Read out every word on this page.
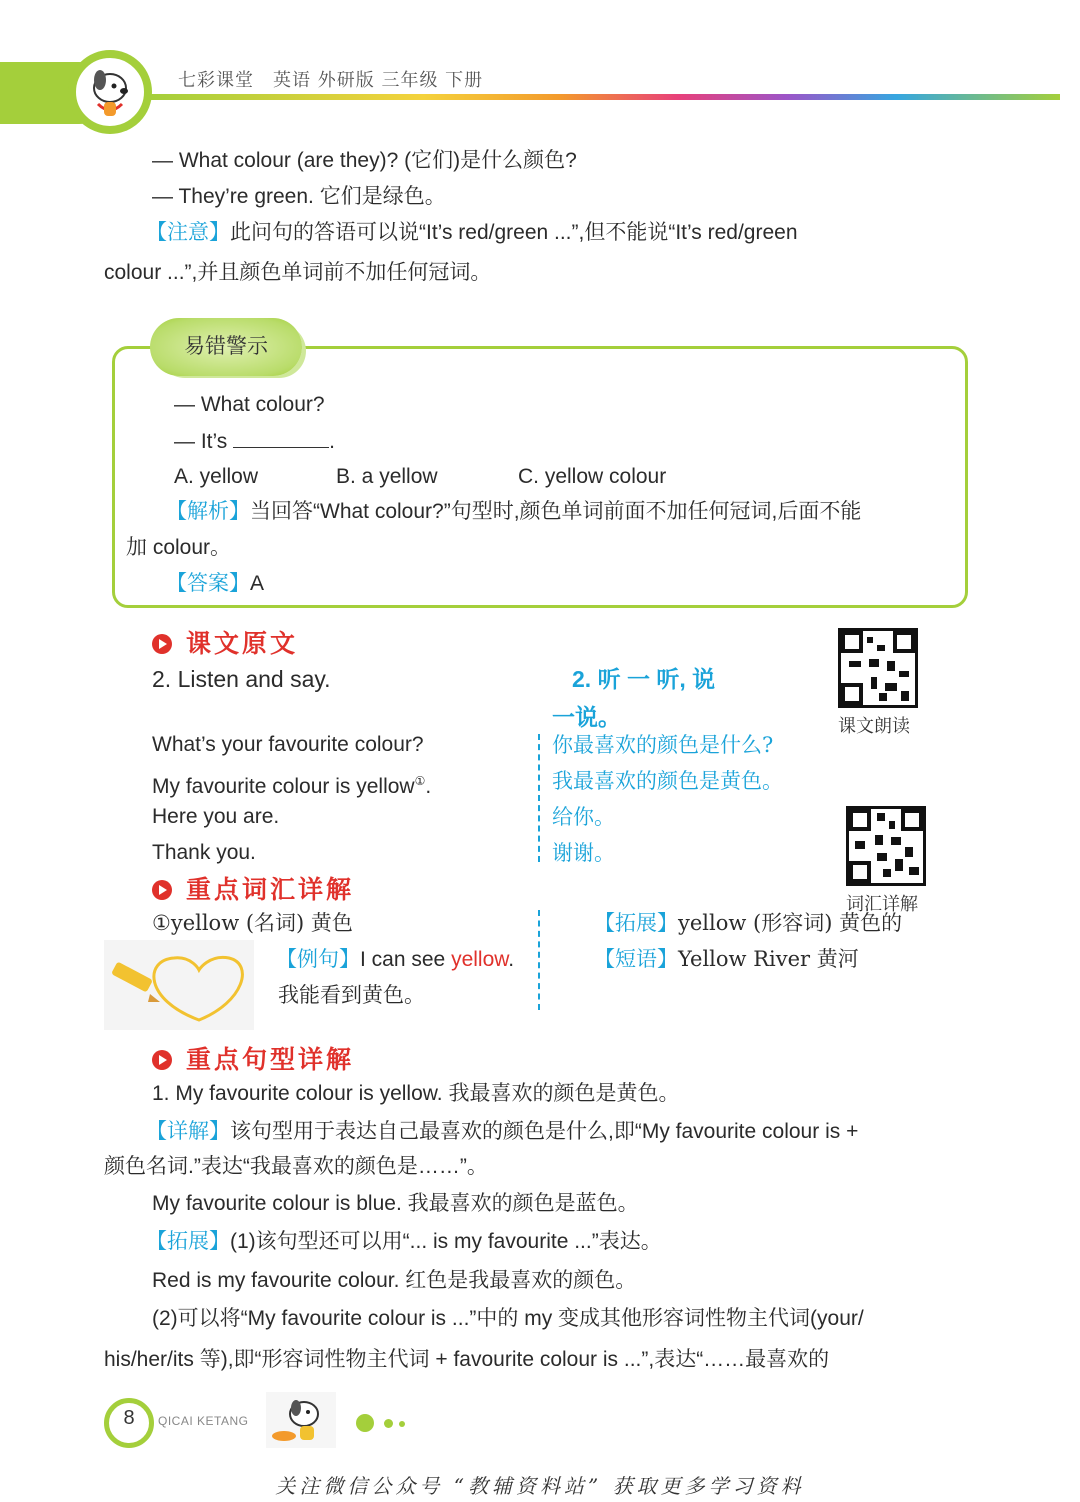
七彩课堂　英语 外研版 三年级 下册
— What colour (are they)? (它们)是什么颜色?
— They’re green. 它们是绿色。
【注意】此问句的答语可以说“It’s red/green ...”,但不能说“It’s red/green
colour ...”,并且颜色单词前不加任何冠词。
易错警示
— What colour?
— It’s	.
A. yellow	B. a yellow	C. yellow colour
【解析】当回答“What colour?”句型时,颜色单词前面不加任何冠词,后面不能
加 colour。
【答案】A
课文原文
2. Listen and say.	2. 听 一 听, 说
一说。
What’s your favourite colour?
My favourite colour is yellow①.
Here you are.
Thank you.
你最喜欢的颜色是什么?
我最喜欢的颜色是黄色。
给你。
谢谢。
课文朗读
词汇详解
重点词汇详解
①yellow (名词) 黄色
【例句】I can see yellow.
我能看到黄色。
【拓展】yellow (形容词) 黄色的
【短语】Yellow River 黄河
重点句型详解
1. My favourite colour is yellow. 我最喜欢的颜色是黄色。
【详解】该句型用于表达自己最喜欢的颜色是什么,即“My favourite colour is +
颜色名词.”表达“我最喜欢的颜色是……”。
My favourite colour is blue. 我最喜欢的颜色是蓝色。
【拓展】(1)该句型还可以用“... is my favourite ...”表达。
Red is my favourite colour. 红色是我最喜欢的颜色。
(2)可以将“My favourite colour is ...”中的 my 变成其他形容词性物主代词(your/
his/her/its 等),即“形容词性物主代词 + favourite colour is ...”,表达“……最喜欢的
8	QICAI KETANG
关注微信公众号 “教辅资料站” 获取更多学习资料
